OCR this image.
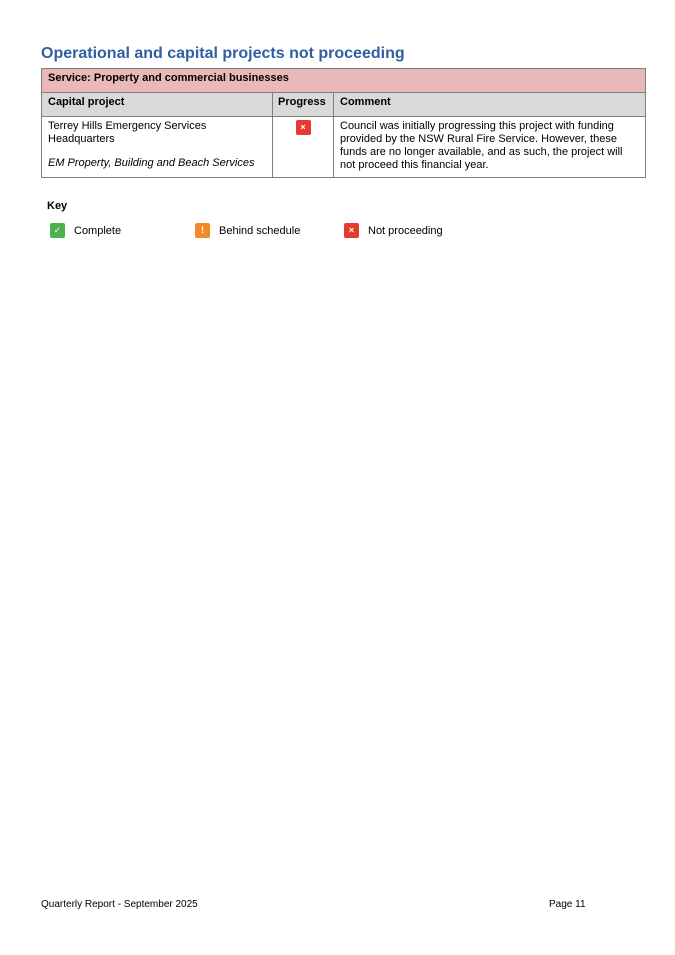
Operational and capital projects not proceeding
Service: Property and commercial businesses		
Capital project	Progress	Comment

Terrey Hills Emergency Services Headquarters
EM Property, Building and Beach Services	×	Council was initially progressing this project with funding provided by the NSW Rural Fire Service. However, these funds are no longer available, and as such, the project will not proceed this financial year.

Key

✓	Complete	!	Behind schedule	×	Not proceeding
Quarterly Report - September 2025	Page 11
